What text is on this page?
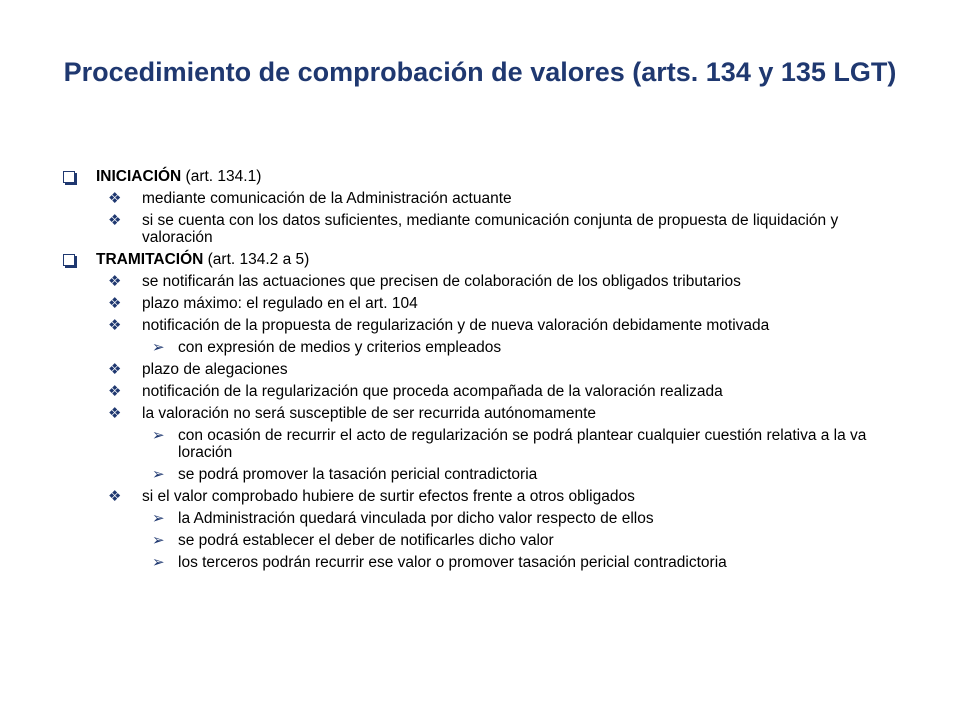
Procedimiento de comprobación de valores (arts. 134 y 135 LGT)
INICIACIÓN (art. 134.1)
❖ mediante comunicación de la Administración actuante
❖ si se cuenta con los datos suficientes, mediante comunicación conjunta de propuesta de liquidación y valoración
TRAMITACIÓN (art. 134.2 a 5)
❖ se notificarán las actuaciones que precisen de colaboración de los obligados tributarios
❖ plazo máximo: el regulado en el art. 104
❖ notificación de la propuesta de regularización y de nueva valoración debidamente motivada
➢ con expresión de medios y criterios empleados
❖ plazo de alegaciones
❖ notificación de la regularización que proceda acompañada de la valoración realizada
❖ la valoración no será susceptible de ser recurrida autónomamente
➢ con ocasión de recurrir el acto de regularización se podrá plantear cualquier cuestión relativa a la va loración
➢ se podrá promover la tasación pericial contradictoria
❖ si el valor comprobado hubiere de surtir efectos frente a otros obligados
➢ la Administración quedará vinculada por dicho valor respecto de ellos
➢ se podrá establecer el deber de notificarles dicho valor
➢ los terceros podrán recurrir ese valor o promover tasación pericial contradictoria
